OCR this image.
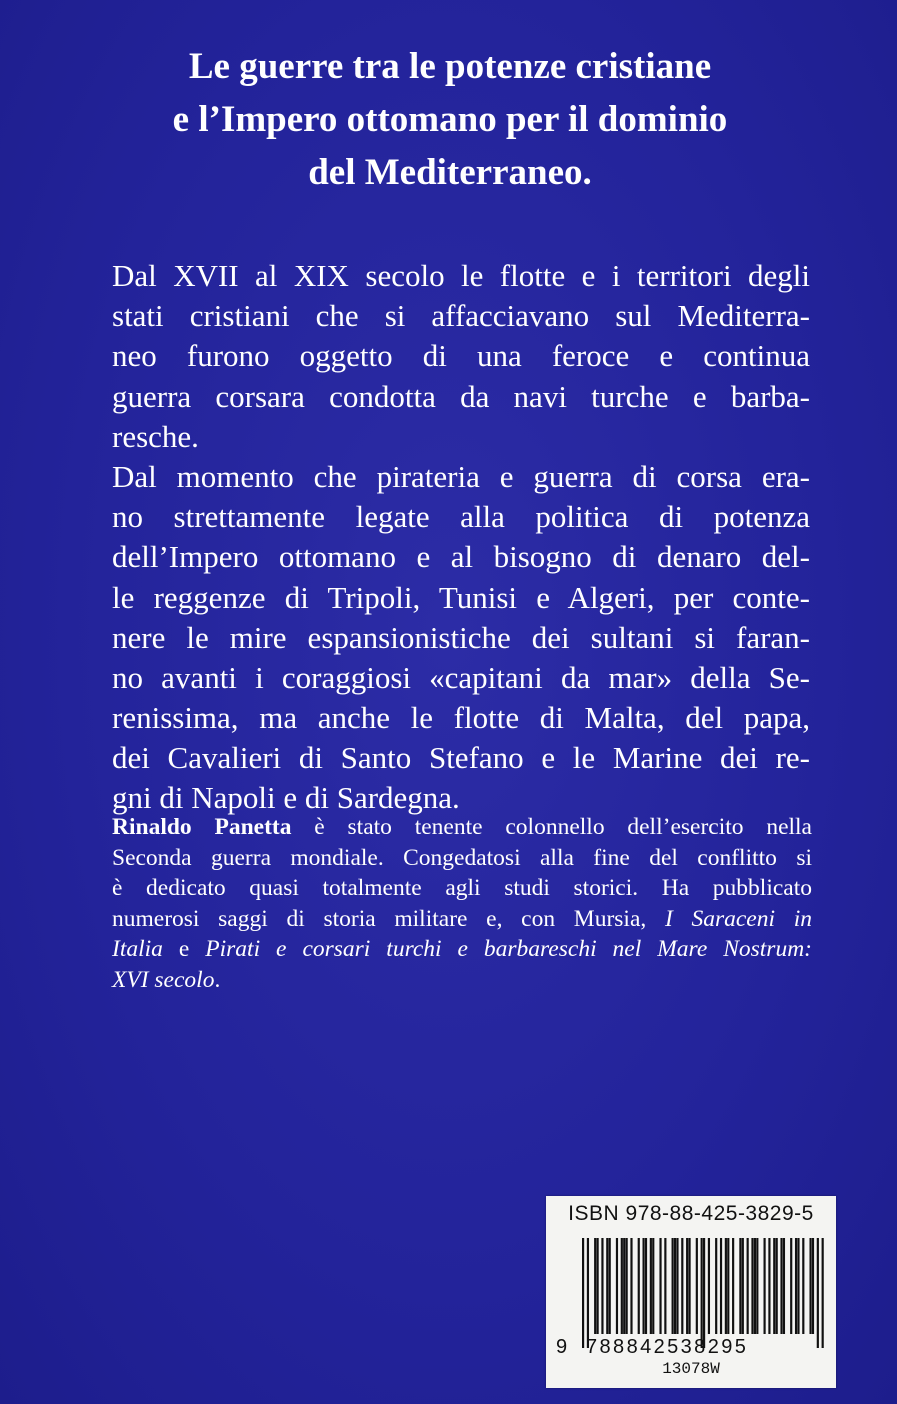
Le guerre tra le potenze cristiane
e l’Impero ottomano per il dominio
del Mediterraneo.
Dal XVII al XIX secolo le flotte e i territori degli
stati cristiani che si affacciavano sul Mediterra-
neo furono oggetto di una feroce e continua
guerra corsara condotta da navi turche e barba-
resche.
Dal momento che pirateria e guerra di corsa era-
no strettamente legate alla politica di potenza
dell’Impero ottomano e al bisogno di denaro del-
le reggenze di Tripoli, Tunisi e Algeri, per conte-
nere le mire espansionistiche dei sultani si faran-
no avanti i coraggiosi «capitani da mar» della Se-
renissima, ma anche le flotte di Malta, del papa,
dei Cavalieri di Santo Stefano e le Marine dei re-
gni di Napoli e di Sardegna.
Rinaldo Panetta è stato tenente colonnello dell’esercito nella
Seconda guerra mondiale. Congedatosi alla fine del conflitto si
è dedicato quasi totalmente agli studi storici. Ha pubblicato
numerosi saggi di storia militare e, con Mursia, I Saraceni in
Italia e Pirati e corsari turchi e barbareschi nel Mare Nostrum:
XVI secolo.
ISBN 978-88-425-3829-5
9 788842538295
13078W
